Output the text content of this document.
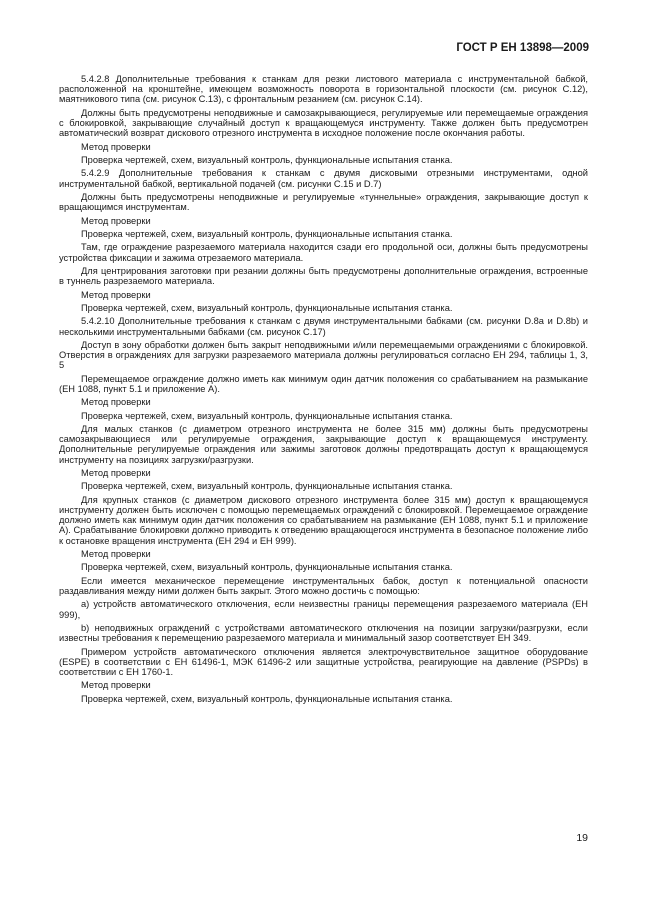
ГОСТ Р ЕН 13898—2009

5.4.2.8 Дополнительные требования к станкам для резки листового материала с инструментальной бабкой, расположенной на кронштейне, имеющем возможность поворота в горизонтальной плоскости (см. рисунок C.12), маятникового типа (см. рисунок C.13), с фронтальным резанием (см. рисунок C.14).

Должны быть предусмотрены неподвижные и самозакрывающиеся, регулируемые или перемещаемые ограждения с блокировкой, закрывающие случайный доступ к вращающемуся инструменту. Также должен быть предусмотрен автоматический возврат дискового отрезного инструмента в исходное положение после окончания работы.

Метод проверки

Проверка чертежей, схем, визуальный контроль, функциональные испытания станка.

5.4.2.9 Дополнительные требования к станкам с двумя дисковыми отрезными инструментами, одной инструментальной бабкой, вертикальной подачей (см. рисунки C.15 и D.7)

Должны быть предусмотрены неподвижные и регулируемые «туннельные» ограждения, закрывающие доступ к вращающимся инструментам.

Метод проверки

Проверка чертежей, схем, визуальный контроль, функциональные испытания станка.

Там, где ограждение разрезаемого материала находится сзади его продольной оси, должны быть предусмотрены устройства фиксации и зажима отрезаемого материала.

Для центрирования заготовки при резании должны быть предусмотрены дополнительные ограждения, встроенные в туннель разрезаемого материала.

Метод проверки

Проверка чертежей, схем, визуальный контроль, функциональные испытания станка.

5.4.2.10 Дополнительные требования к станкам с двумя инструментальными бабками (см. рисунки D.8a и D.8b) и несколькими инструментальными бабками (см. рисунок C.17)

Доступ в зону обработки должен быть закрыт неподвижными и/или перемещаемыми ограждениями с блокировкой. Отверстия в ограждениях для загрузки разрезаемого материала должны регулироваться согласно ЕН 294, таблицы 1, 3, 5

Перемещаемое ограждение должно иметь как минимум один датчик положения со срабатыванием на размыкание (ЕН 1088, пункт 5.1 и приложение A).

Метод проверки

Проверка чертежей, схем, визуальный контроль, функциональные испытания станка.

Для малых станков (с диаметром отрезного инструмента не более 315 мм) должны быть предусмотрены самозакрывающиеся или регулируемые ограждения, закрывающие доступ к вращающемуся инструменту. Дополнительные регулируемые ограждения или зажимы заготовок должны предотвращать доступ к вращающемуся инструменту на позициях загрузки/разгрузки.

Метод проверки

Проверка чертежей, схем, визуальный контроль, функциональные испытания станка.

Для крупных станков (с диаметром дискового отрезного инструмента более 315 мм) доступ к вращающемуся инструменту должен быть исключен с помощью перемещаемых ограждений с блокировкой. Перемещаемое ограждение должно иметь как минимум один датчик положения со срабатыванием на размыкание (ЕН 1088, пункт 5.1 и приложение A). Срабатывание блокировки должно приводить к отведению вращающегося инструмента в безопасное положение либо к остановке вращения инструмента (ЕН 294 и ЕН 999).

Метод проверки

Проверка чертежей, схем, визуальный контроль, функциональные испытания станка.

Если имеется механическое перемещение инструментальных бабок, доступ к потенциальной опасности раздавливания между ними должен быть закрыт. Этого можно достичь с помощью:

a) устройств автоматического отключения, если неизвестны границы перемещения разрезаемого материала (ЕН 999),

b) неподвижных ограждений с устройствами автоматического отключения на позиции загрузки/разгрузки, если известны требования к перемещению разрезаемого материала и минимальный зазор соответствует ЕН 349.

Примером устройств автоматического отключения является электрочувствительное защитное оборудование (ESPE) в соответствии с ЕН 61496-1, МЭК 61496-2 или защитные устройства, реагирующие на давление (PSPDs) в соответствии с ЕН 1760-1.

Метод проверки

Проверка чертежей, схем, визуальный контроль, функциональные испытания станка.

19
